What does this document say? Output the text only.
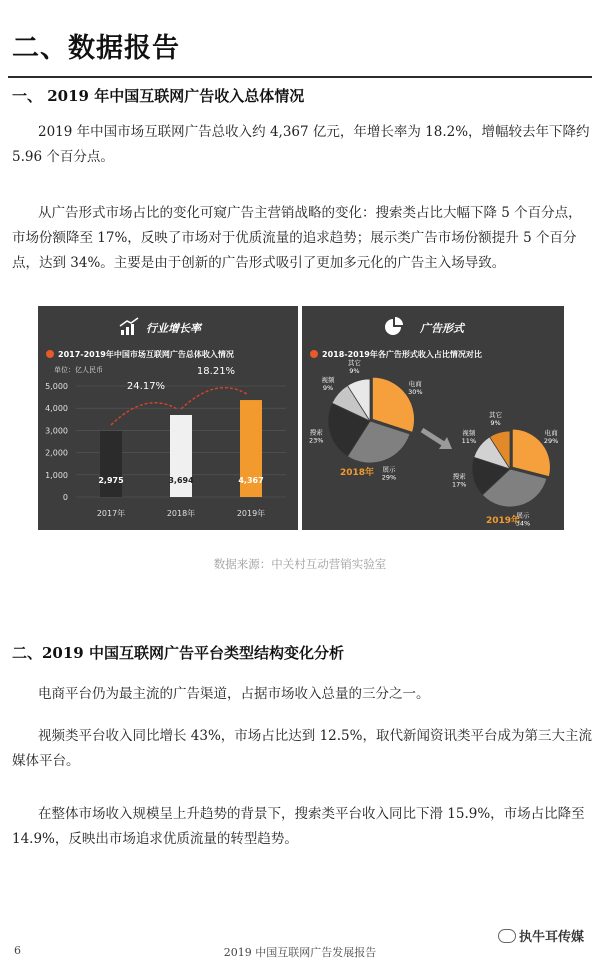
二、数据报告
一、 2019 年中国互联网广告收入总体情况
2019 年中国市场互联网广告总收入约 4,367 亿元，年增长率为 18.2%，增幅较去年下降约 5.96 个百分点。
从广告形式市场占比的变化可窥广告主营销战略的变化：搜索类占比大幅下降 5 个百分点，市场份额降至 17%，反映了市场对于优质流量的追求趋势；展示类广告市场份额提升 5 个百分点，达到 34%。主要是由于创新的广告形式吸引了更加多元化的广告主入场导致。
0
1,000
2,000
3,000
4,000
5,000
2,975
2017年
3,694
2018年
4,367
2019年
24.17%
18.21%
行业增长率
2017-2019年中国市场互联网广告总体收入情况
单位：亿人民币
电商
30%
展示
29%
搜索
23%
视频
9%
其它
9%
电商
29%
展示
34%
搜索
17%
视频
11%
其它
9%
广告形式
2018-2019年各广告形式收入占比情况对比
2018年
2019年
数据来源：中关村互动营销实验室
二、2019 中国互联网广告平台类型结构变化分析
电商平台仍为最主流的广告渠道，占据市场收入总量的三分之一。
视频类平台收入同比增长 43%，市场占比达到 12.5%，取代新闻资讯类平台成为第三大主流媒体平台。
在整体市场收入规模呈上升趋势的背景下，搜索类平台收入同比下滑 15.9%，市场占比降至 14.9%，反映出市场追求优质流量的转型趋势。
6	2019 中国互联网广告发展报告
执牛耳传媒
